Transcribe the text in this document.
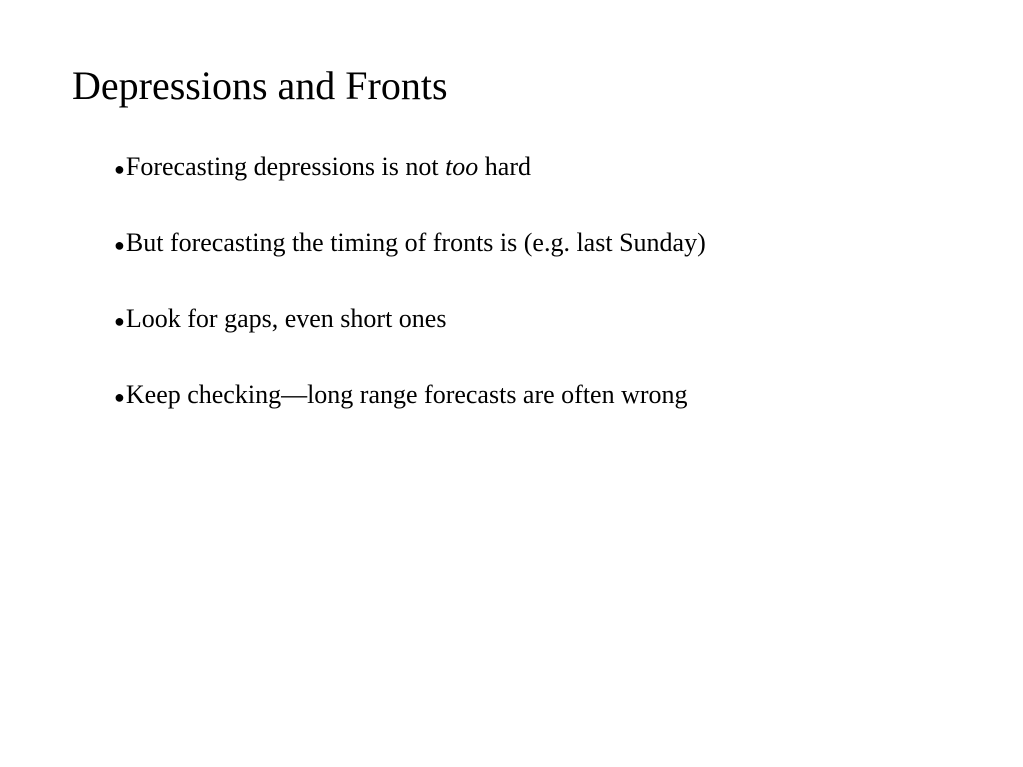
Depressions and Fronts
●Forecasting depressions is not too hard
●But forecasting the timing of fronts is (e.g. last Sunday)
●Look for gaps, even short ones
●Keep checking—long range forecasts are often wrong
